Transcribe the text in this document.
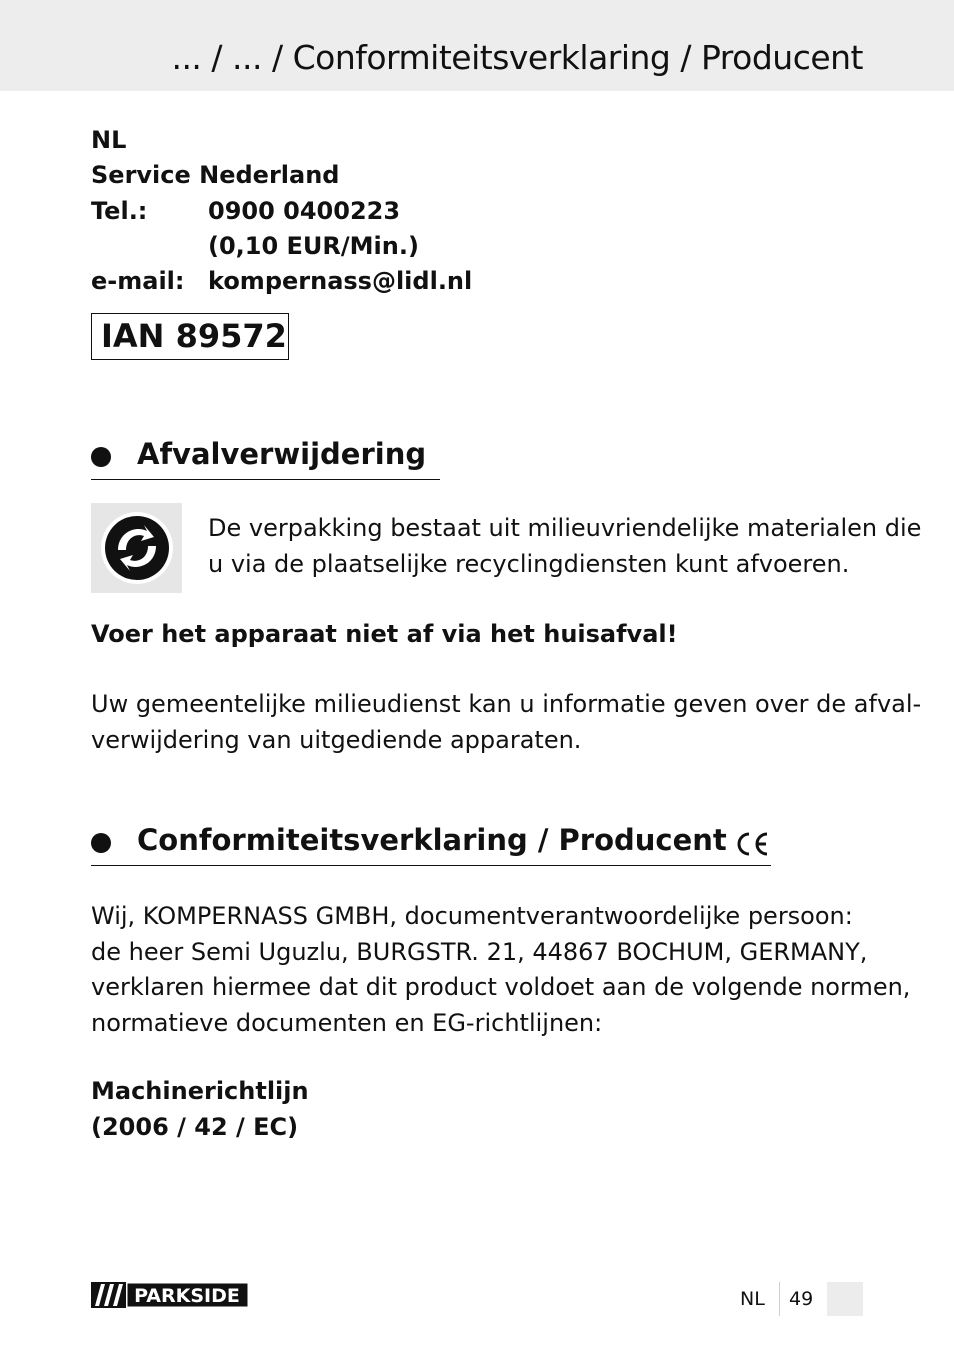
... / ... / Conformiteitsverklaring / Producent
NL
Service Nederland
Tel.:	0900 0400223
(0,10 EUR/Min.)
e-mail: kompernass@lidl.nl
IAN 89572
Afvalverwijdering
De verpakking bestaat uit milieuvriendelijke materialen die
u via de plaatselijke recyclingdiensten kunt afvoeren.
Voer het apparaat niet af via het huisafval!
Uw gemeentelijke milieudienst kan u informatie geven over de afval-
verwijdering van uitgediende apparaten.
Conformiteitsverklaring / Producent
Wij, KOMPERNASS GMBH, documentverantwoordelijke persoon:
de heer Semi Uguzlu, BURGSTR. 21, 44867 BOCHUM, GERMANY,
verklaren hiermee dat dit product voldoet aan de volgende normen,
normatieve documenten en EG-richtlijnen:
Machinerichtlijn
(2006 / 42 / EC)
PARKSIDE	NL 49
